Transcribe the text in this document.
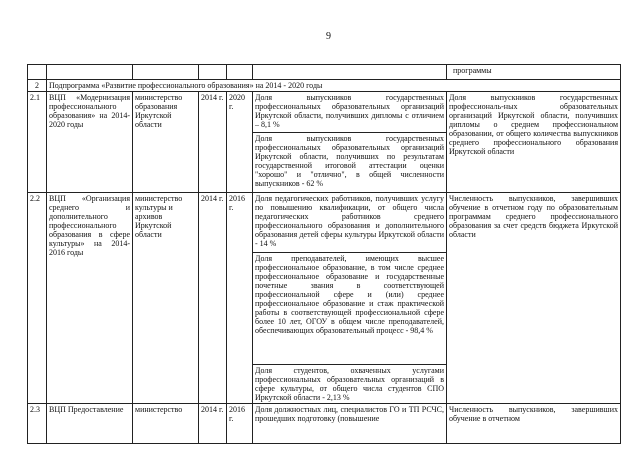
9
						программы
2	Подпрограмма «Развитие профессионального образования» на 2014 - 2020 годы					
2.1	ВЦП «Модернизация профессионального образования» на 2014-2020 годы	министерство образования Иркутской области	2014 г.	2020 г.	Доля выпускников государственных профессиональных образовательных организаций Иркутской области, получивших дипломы с отличием – 8,1 %	Доля выпускников государственных профессиональ-ных образовательных организаций Иркутской области, получивших дипломы о среднем профессиональном образовании, от общего количества выпускников среднего профессионального образования Иркутской области
					Доля выпускников государственных профессиональных образовательных организаций Иркутской области, получивших по результатам государственной итоговой аттестации оценки "хорошо" и "отлично", в общей численности выпускников - 62 %	
2.2	ВЦП «Организация среднего и дополнительного профессионального образования в сфере культуры» на 2014-2016 годы	министерство культуры и архивов Иркутской области	2014 г.	2016 г.	Доля педагогических работников, получивших услугу по повышению квалификации, от общего числа педагогических работников среднего профессионального образования и дополнительного образования детей сферы культуры Иркутской области - 14 %	Численность выпускников, завершивших обучение в отчетном году по образовательным программам среднего профессионального образования за счет средств бюджета Иркутской области
					Доля преподавателей, имеющих высшее профессиональное образование, в том числе среднее профессиональное образование и государственные почетные звания в соответствующей профессиональной сфере и (или) среднее профессиональное образование и стаж практической работы в соответствующей профессиональной сфере более 10 лет, ОГОУ в общем числе преподавателей, обеспечивающих образовательный процесс - 98,4 %	
					Доля студентов, охваченных услугами профессиональных образовательных организаций в сфере культуры, от общего числа студентов СПО Иркутской области - 2,13 %	
2.3	ВЦП Предоставление	министерство	2014 г.	2016 г.	Доля должностных лиц, специалистов ГО и ТП РСЧС, прошедших подготовку (повышение	Численность выпускников, завершивших обучение в отчетном
